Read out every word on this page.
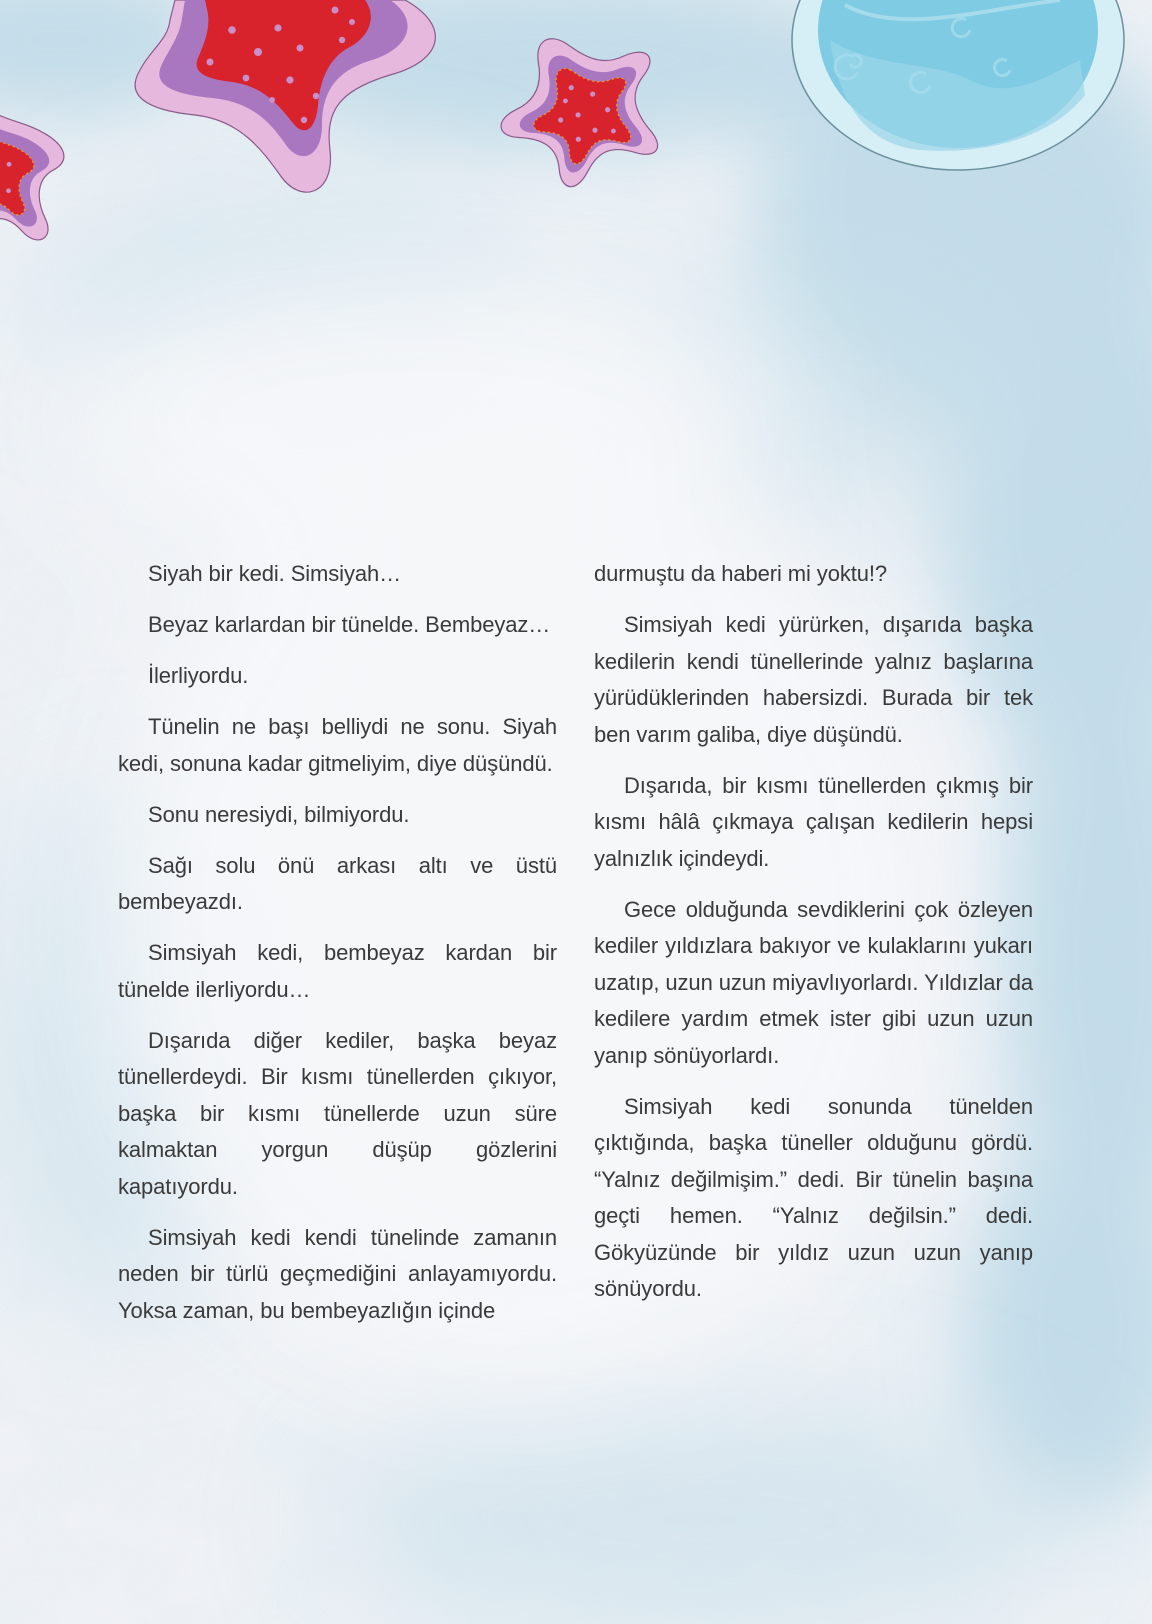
Siyah bir kedi. Simsiyah…

Beyaz karlardan bir tünelde. Bembeyaz…

İlerliyordu.

Tünelin ne başı belliydi ne sonu. Siyah kedi, sonuna kadar gitmeliyim, diye düşündü.

Sonu neresiydi, bilmiyordu.

Sağı solu önü arkası altı ve üstü bembeyazdı.

Simsiyah kedi, bembeyaz kardan bir tünelde ilerliyordu…

Dışarıda diğer kediler, başka beyaz tünellerdeydi. Bir kısmı tünellerden çıkıyor, başka bir kısmı tünellerde uzun süre kalmaktan yorgun düşüp gözlerini kapatıyordu.

Simsiyah kedi kendi tünelinde zamanın neden bir türlü geçmediğini anlayamıyordu. Yoksa zaman, bu bembeyazlığın içinde

durmuştu da haberi mi yoktu!?

Simsiyah kedi yürürken, dışarıda başka kedilerin kendi tünellerinde yalnız başlarına yürüdüklerinden habersizdi. Burada bir tek ben varım galiba, diye düşündü.

Dışarıda, bir kısmı tünellerden çıkmış bir kısmı hâlâ çıkmaya çalışan kedilerin hepsi yalnızlık içindeydi.

Gece olduğunda sevdiklerini çok özleyen kediler yıldızlara bakıyor ve kulaklarını yukarı uzatıp, uzun uzun miyavlıyorlardı. Yıldızlar da kedilere yardım etmek ister gibi uzun uzun yanıp sönüyorlardı.

Simsiyah kedi sonunda tünelden çıktığında, başka tüneller olduğunu gördü. “Yalnız değilmişim.” dedi. Bir tünelin başına geçti hemen. “Yalnız değilsin.” dedi. Gökyüzünde bir yıldız uzun uzun yanıp sönüyordu.
